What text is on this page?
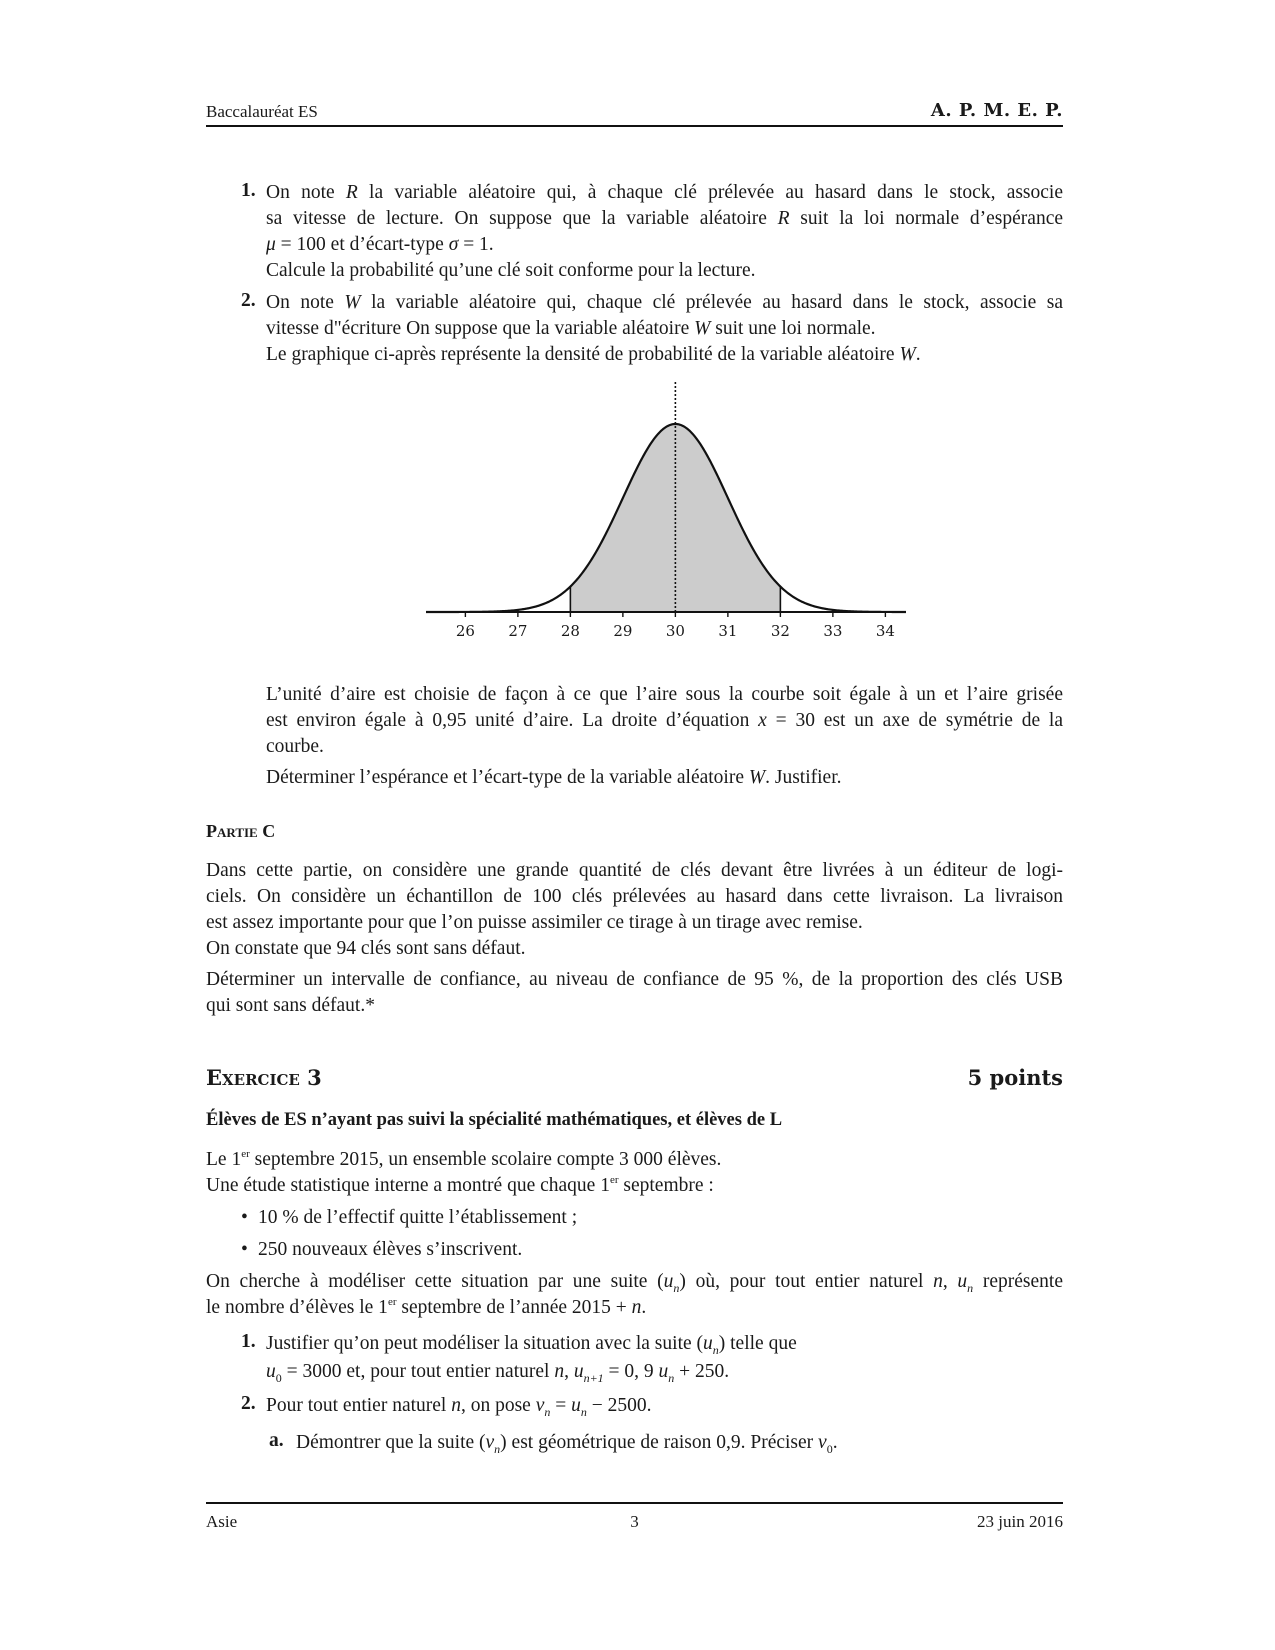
Baccalauréat ES	A. P. M. E. P.
1. On note R la variable aléatoire qui, à chaque clé prélevée au hasard dans le stock, associe
sa vitesse de lecture. On suppose que la variable aléatoire R suit la loi normale d’espérance
μ = 100 et d’écart-type σ = 1.
Calcule la probabilité qu’une clé soit conforme pour la lecture.
2. On note W la variable aléatoire qui, chaque clé prélevée au hasard dans le stock, associe sa
vitesse d"écriture On suppose que la variable aléatoire W suit une loi normale.
Le graphique ci-après représente la densité de probabilité de la variable aléatoire W.
26 27 28 29 30 31 32 33 34
L’unité d’aire est choisie de façon à ce que l’aire sous la courbe soit égale à un et l’aire grisée
est environ égale à 0,95 unité d’aire. La droite d’équation x = 30 est un axe de symétrie de la
courbe.
Déterminer l’espérance et l’écart-type de la variable aléatoire W. Justifier.
Partie C
Dans cette partie, on considère une grande quantité de clés devant être livrées à un éditeur de logi-
ciels. On considère un échantillon de 100 clés prélevées au hasard dans cette livraison. La livraison
est assez importante pour que l’on puisse assimiler ce tirage à un tirage avec remise.
On constate que 94 clés sont sans défaut.
Déterminer un intervalle de confiance, au niveau de confiance de 95 %, de la proportion des clés USB
qui sont sans défaut.*
Exercice 3	5 points
Élèves de ES n’ayant pas suivi la spécialité mathématiques, et élèves de L
Le 1er septembre 2015, un ensemble scolaire compte 3 000 élèves.
Une étude statistique interne a montré que chaque 1er septembre :
• 10 % de l’effectif quitte l’établissement ;
• 250 nouveaux élèves s’inscrivent.
On cherche à modéliser cette situation par une suite $(u_n)$ où, pour tout entier naturel n, $u_n$ représente
le nombre d’élèves le 1er septembre de l’année 2015 + n.
1. Justifier qu’on peut modéliser la situation avec la suite $(u_n)$ telle que
$u_0 = 3000$ et, pour tout entier naturel n, $u_{n+1} = 0$, 9 $u_n + 250$.
2. Pour tout entier naturel n, on pose $v_n = u_n - 2500$.
a. Démontrer que la suite $(v_n)$ est géométrique de raison 0,9. Préciser $v_0$.
Asie	3	23 juin 2016
